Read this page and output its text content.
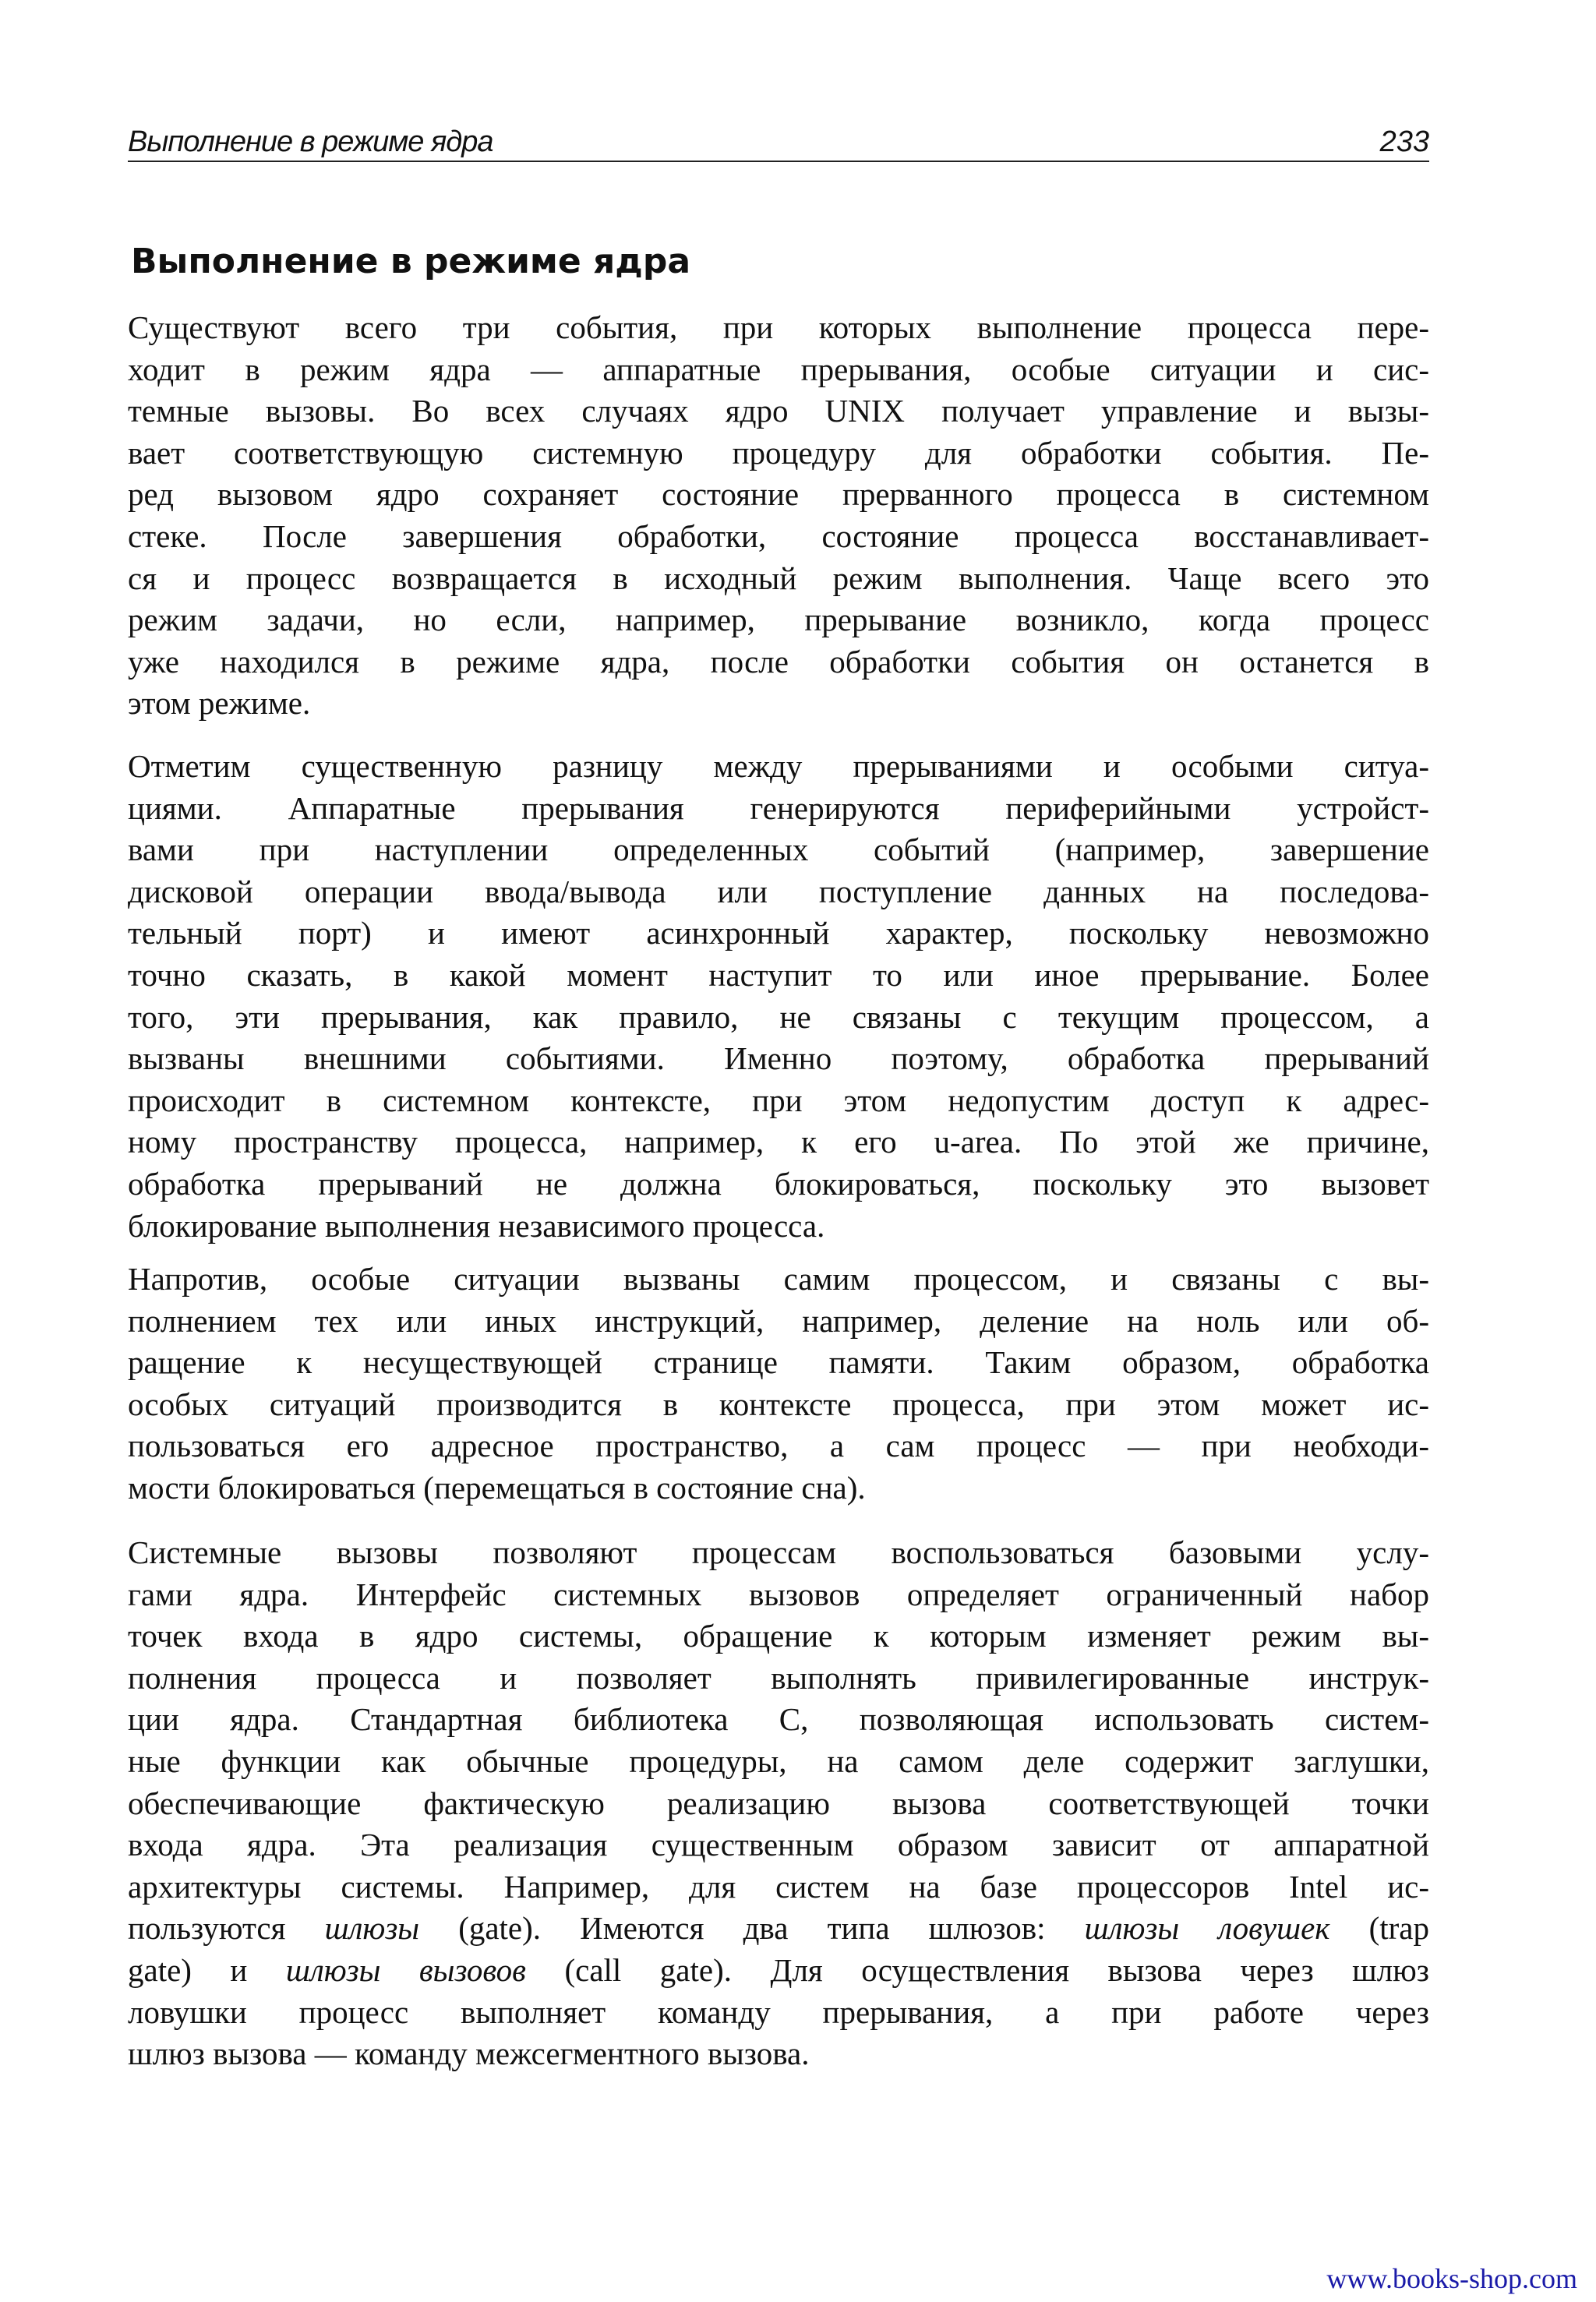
Выполнение в режиме ядра	233
Выполнение в режиме ядра
Существуют всего три события, при которых выполнение процесса пере-
ходит в режим ядра — аппаратные прерывания, особые ситуации и сис-
темные вызовы. Во всех случаях ядро UNIX получает управление и вызы-
вает соответствующую системную процедуру для обработки события. Пе-
ред вызовом ядро сохраняет состояние прерванного процесса в системном
стеке. После завершения обработки, состояние процесса восстанавливает-
ся и процесс возвращается в исходный режим выполнения. Чаще всего это
режим задачи, но если, например, прерывание возникло, когда процесс
уже находился в режиме ядра, после обработки события он останется в
этом режиме.
Отметим существенную разницу между прерываниями и особыми ситуа-
циями. Аппаратные прерывания генерируются периферийными устройст-
вами при наступлении определенных событий (например, завершение
дисковой операции ввода/вывода или поступление данных на последова-
тельный порт) и имеют асинхронный характер, поскольку невозможно
точно сказать, в какой момент наступит то или иное прерывание. Более
того, эти прерывания, как правило, не связаны с текущим процессом, а
вызваны внешними событиями. Именно поэтому, обработка прерываний
происходит в системном контексте, при этом недопустим доступ к адрес-
ному пространству процесса, например, к его u-area. По этой же причине,
обработка прерываний не должна блокироваться, поскольку это вызовет
блокирование выполнения независимого процесса.
Напротив, особые ситуации вызваны самим процессом, и связаны с вы-
полнением тех или иных инструкций, например, деление на ноль или об-
ращение к несуществующей странице памяти. Таким образом, обработка
особых ситуаций производится в контексте процесса, при этом может ис-
пользоваться его адресное пространство, а сам процесс — при необходи-
мости блокироваться (перемещаться в состояние сна).
Системные вызовы позволяют процессам воспользоваться базовыми услу-
гами ядра. Интерфейс системных вызовов определяет ограниченный набор
точек входа в ядро системы, обращение к которым изменяет режим вы-
полнения процесса и позволяет выполнять привилегированные инструк-
ции ядра. Стандартная библиотека C, позволяющая использовать систем-
ные функции как обычные процедуры, на самом деле содержит заглушки,
обеспечивающие фактическую реализацию вызова соответствующей точки
входа ядра. Эта реализация существенным образом зависит от аппаратной
архитектуры системы. Например, для систем на базе процессоров Intel ис-
пользуются шлюзы (gate). Имеются два типа шлюзов: шлюзы ловушек (trap
gate) и шлюзы вызовов (call gate). Для осуществления вызова через шлюз
ловушки процесс выполняет команду прерывания, а при работе через
шлюз вызова — команду межсегментного вызова.
www.books-shop.com
